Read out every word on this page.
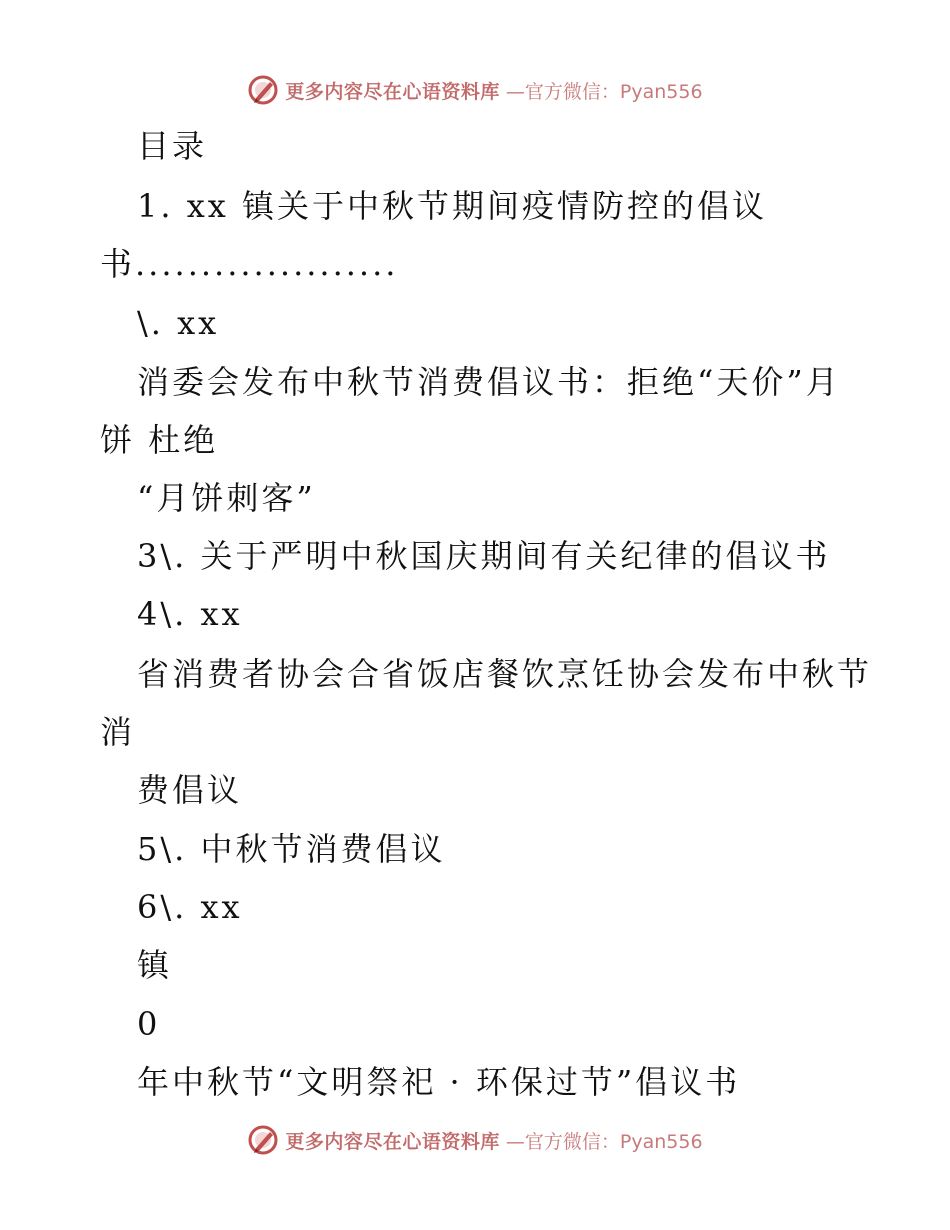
更多内容尽在心语资料库 —官方微信：Pyan556
目录
1. xx 镇关于中秋节期间疫情防控的倡议
书....................
\. xx
消委会发布中秋节消费倡议书：拒绝“天价”月
饼 杜绝
“月饼刺客”
3\. 关于严明中秋国庆期间有关纪律的倡议书
4\. xx
省消费者协会合省饭店餐饮烹饪协会发布中秋节
消
费倡议
5\. 中秋节消费倡议
6\. xx
镇
0
年中秋节“文明祭祀 · 环保过节”倡议书
更多内容尽在心语资料库 —官方微信：Pyan556
